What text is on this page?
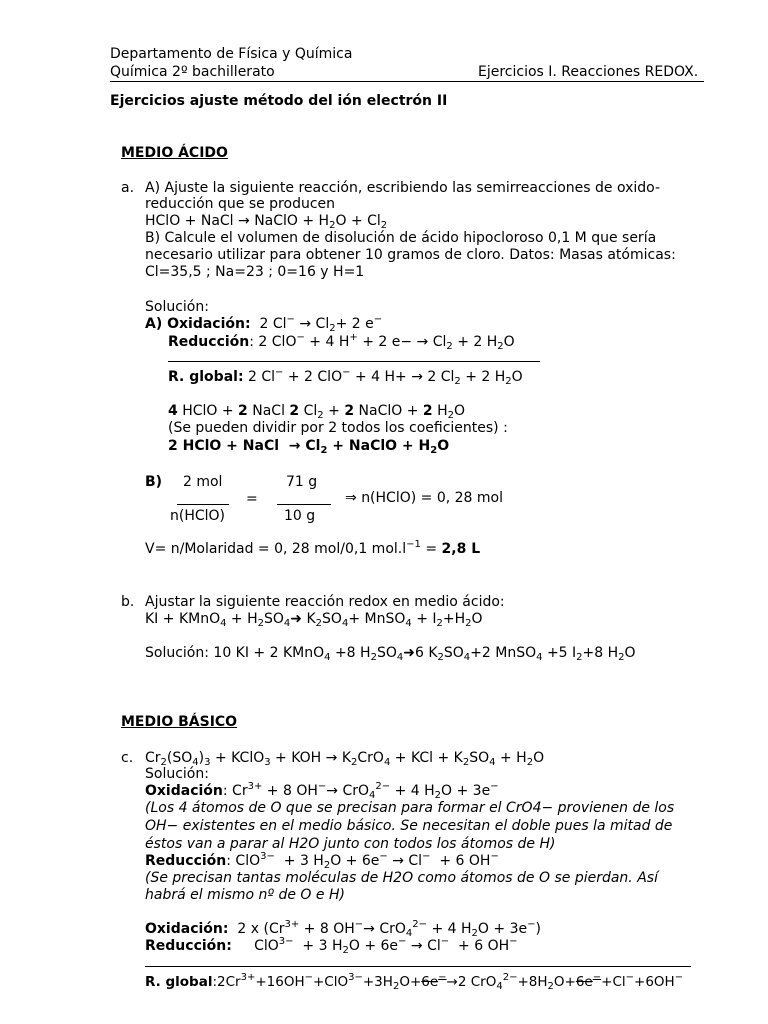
Departamento de Física y Química
Química 2º bachillerato	Ejercicios I. Reacciones REDOX.
Ejercicios ajuste método del ión electrón II
MEDIO ÁCIDO
a. A) Ajuste la siguiente reacción, escribiendo las semirreacciones de oxido-
reducción que se producen
HClO + NaCl → NaClO + $H_2O + Cl_2$
B) Calcule el volumen de disolución de ácido hipocloroso 0,1 M que sería
necesario utilizar para obtener 10 gramos de cloro. Datos: Masas atómicas:
Cl=35,5 ; Na=23 ; 0=16 y H=1
Solución:
A) Oxidación:  2 $Cl^- \to Cl_2+ 2$ e−
Reducción: 2 ClO− + 4 H+ + 2 $e- \to Cl_2 + 2$ $H_2O$
R. global: 2 Cl− + 2 ClO− + 4 H+ → 2 $Cl_2 + 2$ $H_2O$
4 HClO + 2 NaCl 2 $Cl_2 + 2$ NaClO + 2 $H_2O$
(Se pueden dividir por 2 todos los coeficientes) :
2 HClO + NaCl  → $Cl_2$ + NaClO + $H_2O$
B) 2 mol
n(HClO)
=
71 g
10 g
⇒ n(HClO) = 0, 28 mol
V= n/Molaridad = 0, 28 mol/0,1 $mol.l^{-1} = 2,8$ L
b. Ajustar la siguiente reacción redox en medio ácido:
KI + KMnO$_4$ + $H_2SO_4➜$ $K_2SO_4+$ MnSO$_4$ + $I_2+H_2O$
Solución: 10 KI + 2 KMnO$_4$ +8 $H_2SO_4➜6$ $K_2SO_4+2$ MnSO$_4$ +5 $I_2+8$ $H_2O$
MEDIO BÁSICO
c. $Cr_2(SO_4)_3$ + KClO$_3$ + KOH → $K_2CrO_4$ + KCl + $K_2SO_4 + H_2O$
Solución:
Oxidación: $Cr^{3+} + 8$ OH−→ CrO$_4^{2-}$ + 4 $H_2O + 3e^-$
(Los 4 átomos de O que se precisan para formar el CrO4− provienen de los
OH− existentes en el medio básico. Se necesitan el doble pues la mitad de
éstos van a parar al H2O junto con todos los átomos de H)
Reducción: ClO$^{3-}$  + 3 $H_2O + 6e^- \to Cl^- + 6$ OH−
(Se precisan tantas moléculas de H2O como átomos de O se pierdan. Así
habrá el mismo nº de O e H)
Oxidación:  2 x ($Cr^{3+} + 8$ OH−→ CrO$_4^{2-}$ + 4 $H_2O + 3e^-$)
Reducción:     ClO$^{3-}$  + 3 $H_2O + 6e^- \to Cl^- + 6$ OH−
R. $global:2Cr^{3+}+16OH^-+ClO^{3-}+3H_2O+6e^-\to 2$ $CrO_4^{2-}+8H_2O+6e^-+Cl^-+6OH^-$
